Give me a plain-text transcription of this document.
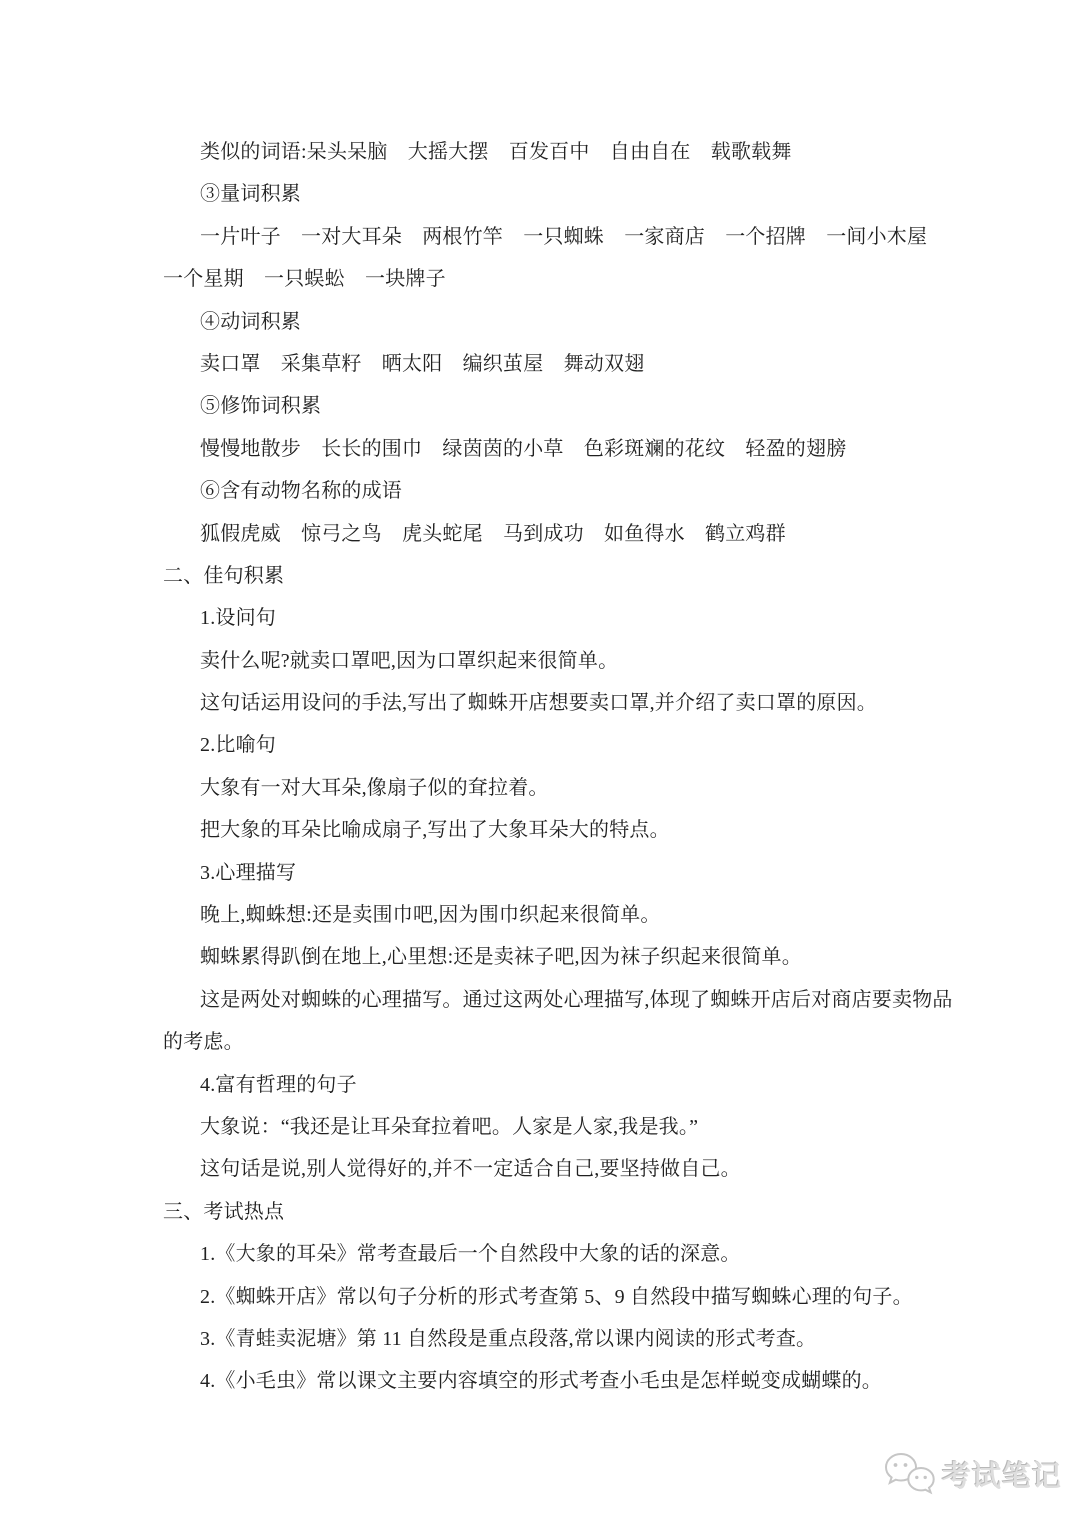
类似的词语:呆头呆脑　大摇大摆　百发百中　自由自在　载歌载舞
③量词积累
一片叶子　一对大耳朵　两根竹竿　一只蜘蛛　一家商店　一个招牌　一间小木屋
一个星期　一只蜈蚣　一块牌子
④动词积累
卖口罩　采集草籽　晒太阳　编织茧屋　舞动双翅
⑤修饰词积累
慢慢地散步　长长的围巾　绿茵茵的小草　色彩斑斓的花纹　轻盈的翅膀
⑥含有动物名称的成语
狐假虎威　惊弓之鸟　虎头蛇尾　马到成功　如鱼得水　鹤立鸡群
二、佳句积累
1.设问句
卖什么呢?就卖口罩吧,因为口罩织起来很简单。
这句话运用设问的手法,写出了蜘蛛开店想要卖口罩,并介绍了卖口罩的原因。
2.比喻句
大象有一对大耳朵,像扇子似的耷拉着。
把大象的耳朵比喻成扇子,写出了大象耳朵大的特点。
3.心理描写
晚上,蜘蛛想:还是卖围巾吧,因为围巾织起来很简单。
蜘蛛累得趴倒在地上,心里想:还是卖袜子吧,因为袜子织起来很简单。
这是两处对蜘蛛的心理描写。通过这两处心理描写,体现了蜘蛛开店后对商店要卖物品
的考虑。
4.富有哲理的句子
大象说：“我还是让耳朵耷拉着吧。人家是人家,我是我。”
这句话是说,别人觉得好的,并不一定适合自己,要坚持做自己。
三、考试热点
1.《大象的耳朵》常考查最后一个自然段中大象的话的深意。
2.《蜘蛛开店》常以句子分析的形式考查第 5、9 自然段中描写蜘蛛心理的句子。
3.《青蛙卖泥塘》第 11 自然段是重点段落,常以课内阅读的形式考查。
4.《小毛虫》常以课文主要内容填空的形式考查小毛虫是怎样蜕变成蝴蝶的。
考试笔记
